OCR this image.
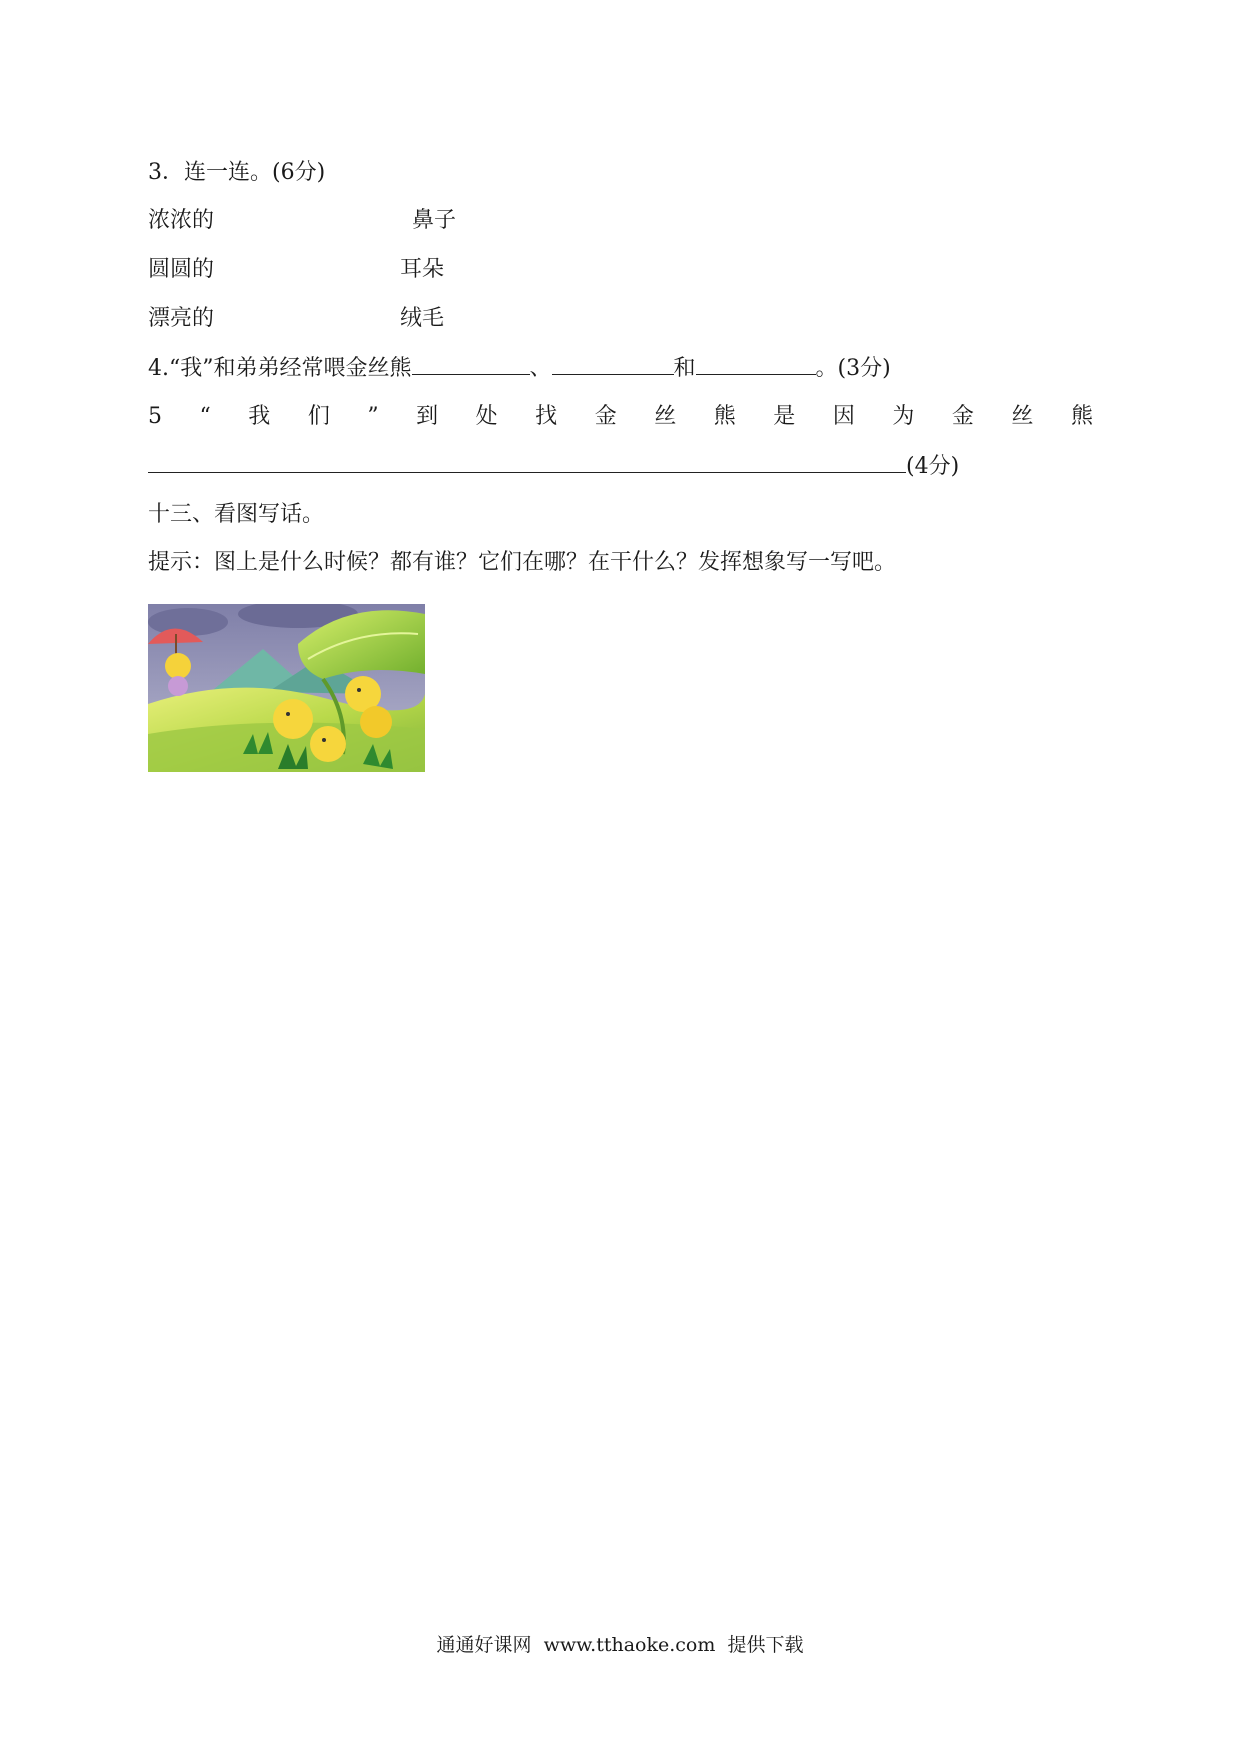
3．连一连。(6分)
浓浓的	鼻子
圆圆的	耳朵
漂亮的	绒毛
4.“我”和弟弟经常喂金丝熊	、	和	。(3分)
5 “ 我 们 ” 到 处 找 金 丝 熊 是 因 为 金 丝 熊
(4分)
十三、看图写话。
提示：图上是什么时候？都有谁？它们在哪？在干什么？发挥想象写一写吧。
通通好课网 www.tthaoke.com 提供下载
